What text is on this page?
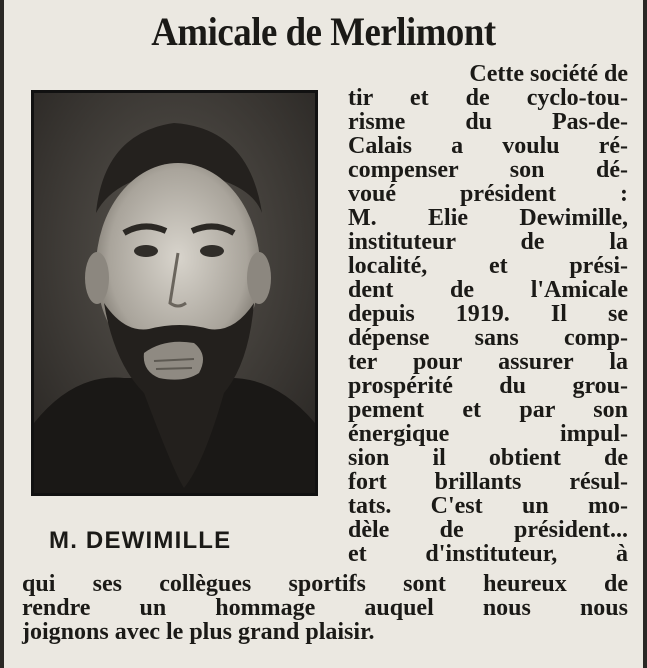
Amicale de Merlimont
M. DEWIMILLE
Cette société de
tir et de cyclo-tou-
risme du Pas-de-
Calais a voulu ré-
compenser son dé-
voué président :
M. Elie Dewimille,
instituteur de la
localité, et prési-
dent de l'Amicale
depuis 1919. Il se
dépense sans comp-
ter pour assurer la
prospérité du grou-
pement et par son
énergique impul-
sion il obtient de
fort brillants résul-
tats. C'est un mo-
dèle de président...
et d'instituteur, à
qui ses collègues sportifs sont heureux de
rendre un hommage auquel nous nous
joignons avec le plus grand plaisir.
